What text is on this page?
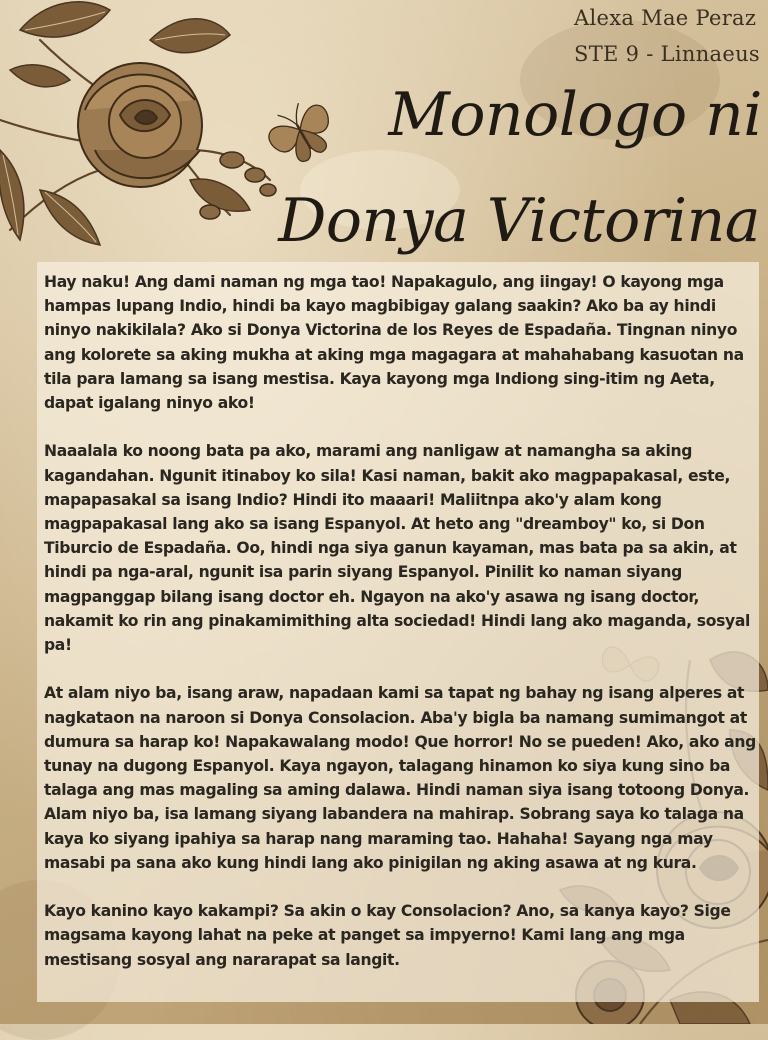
Alexa Mae Peraz
STE 9 - Linnaeus
Monologo ni
Donya Victorina

Hay naku! Ang dami naman ng mga tao! Napakagulo, ang iingay! O kayong mga hampas lupang Indio, hindi ba kayo magbibigay galang saakin? Ako ba ay hindi ninyo nakikilala? Ako si Donya Victorina de los Reyes de Espadaña. Tingnan ninyo ang kolorete sa aking mukha at aking mga magagara at mahahabang kasuotan na tila para lamang sa isang mestisa. Kaya kayong mga Indiong sing-itim ng Aeta, dapat igalang ninyo ako!

Naaalala ko noong bata pa ako, marami ang nanligaw at namangha sa aking kagandahan. Ngunit itinaboy ko sila! Kasi naman, bakit ako magpapakasal, este, mapapasakal sa isang Indio? Hindi ito maaari! Maliitnpa ako'y alam kong magpapakasal lang ako sa isang Espanyol. At heto ang "dreamboy" ko, si Don Tiburcio de Espadaña. Oo, hindi nga siya ganun kayaman, mas bata pa sa akin, at hindi pa nga-aral, ngunit isa parin siyang Espanyol. Pinilit ko naman siyang magpanggap bilang isang doctor eh. Ngayon na ako'y asawa ng isang doctor, nakamit ko rin ang pinakamimithing alta sociedad! Hindi lang ako maganda, sosyal pa!

At alam niyo ba, isang araw, napadaan kami sa tapat ng bahay ng isang alperes at nagkataon na naroon si Donya Consolacion. Aba'y bigla ba namang sumimangot at dumura sa harap ko! Napakawalang modo! Que horror! No se pueden! Ako, ako ang tunay na dugong Espanyol. Kaya ngayon, talagang hinamon ko siya kung sino ba talaga ang mas magaling sa aming dalawa. Hindi naman siya isang totoong Donya. Alam niyo ba, isa lamang siyang labandera na mahirap. Sobrang saya ko talaga na kaya ko siyang ipahiya sa harap nang maraming tao. Hahaha! Sayang nga may masabi pa sana ako kung hindi lang ako pinigilan ng aking asawa at ng kura.

Kayo kanino kayo kakampi? Sa akin o kay Consolacion? Ano, sa kanya kayo? Sige magsama kayong lahat na peke at panget sa impyerno! Kami lang ang mga mestisang sosyal ang nararapat sa langit.
